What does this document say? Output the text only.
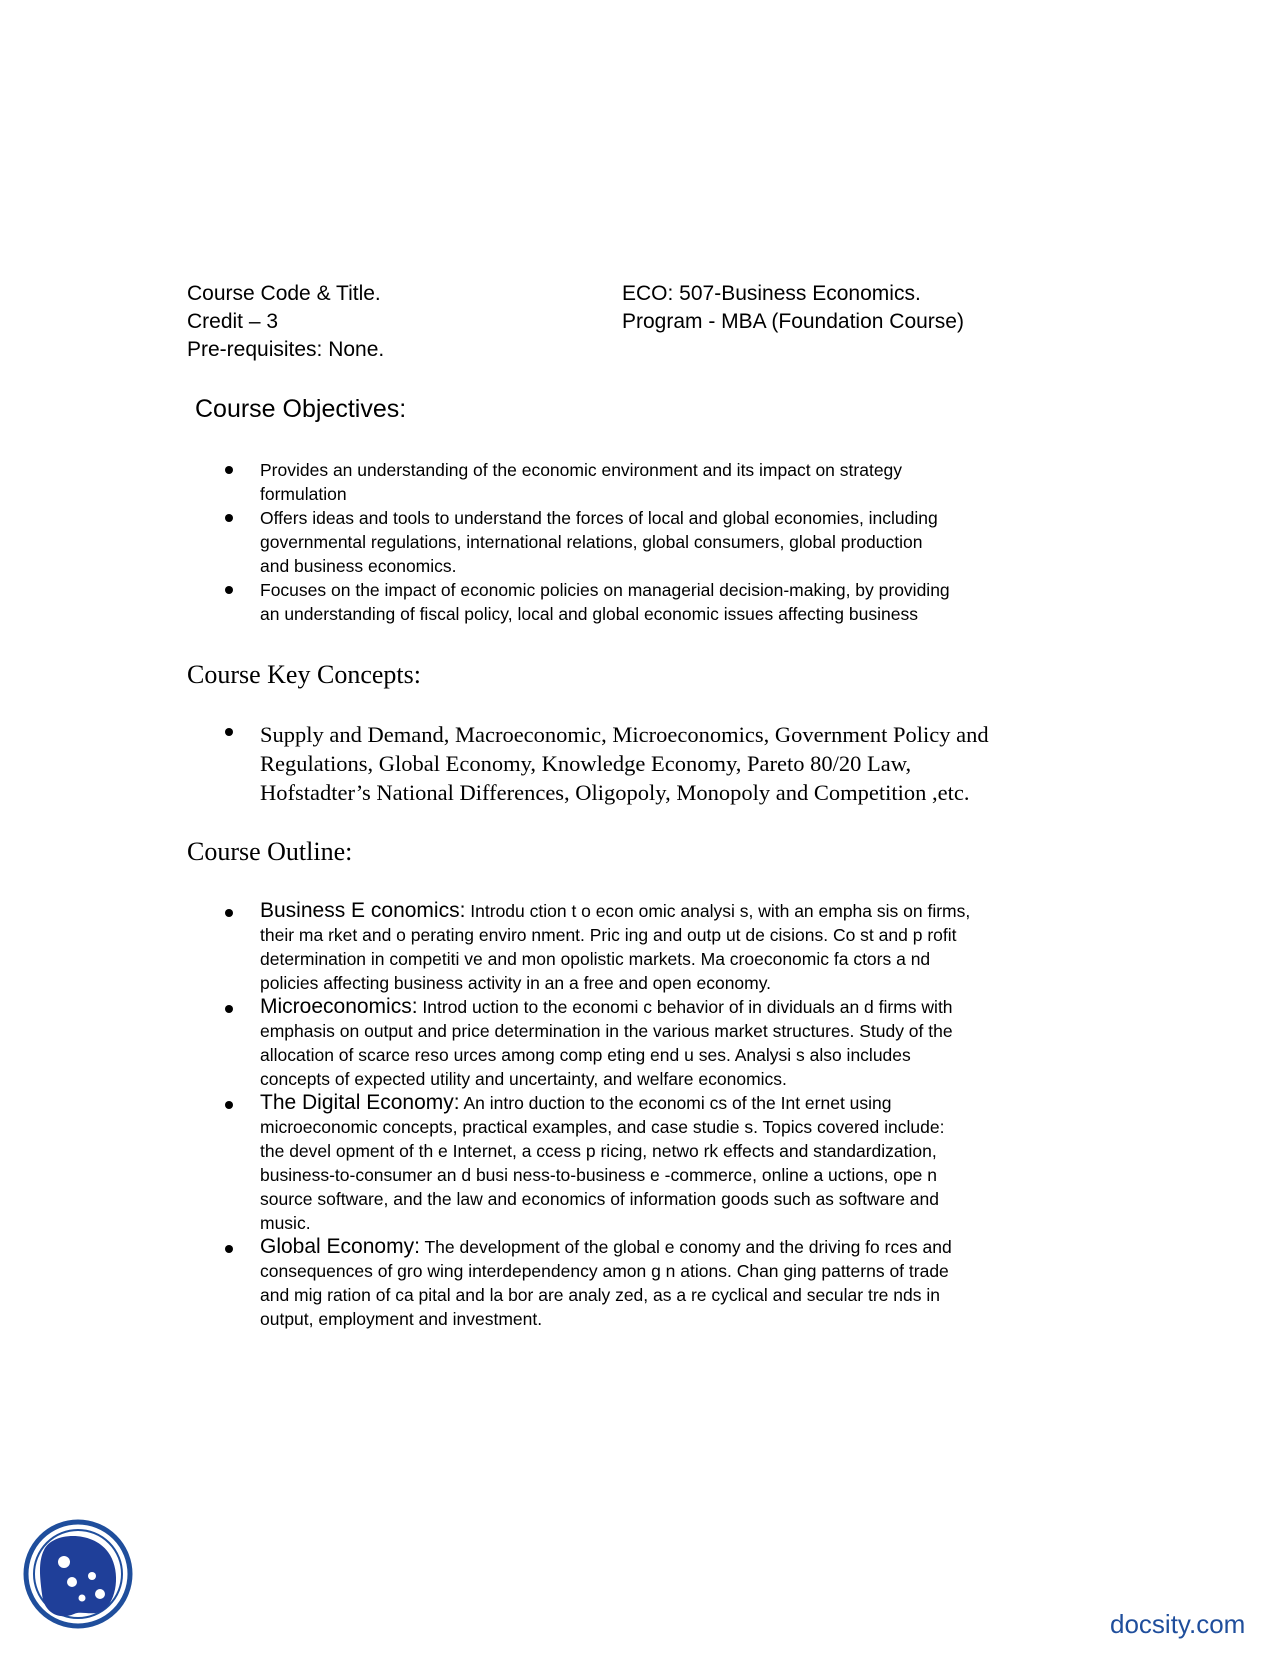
Course Code & Title.	ECO: 507-Business Economics.
Credit – 3	Program - MBA (Foundation Course)
Pre-requisites: None.
Course Objectives:
Provides an understanding of the economic environment and its impact on strategy
formulation
Offers ideas and tools to understand the forces of local and global economies, including
governmental regulations, international relations, global consumers, global production
and business economics.
Focuses on the impact of economic policies on managerial decision-making, by providing
an understanding of fiscal policy, local and global economic issues affecting business
Course Key Concepts:
Supply and Demand, Macroeconomic, Microeconomics, Government Policy and
Regulations, Global Economy, Knowledge Economy, Pareto 80/20 Law,
Hofstadter’s National Differences, Oligopoly, Monopoly and Competition ,etc.
Course Outline:
Business E conomics: Introdu ction t o econ omic analysi s, with an empha sis on firms,
their ma rket and o perating enviro nment. Pric ing and outp ut de cisions. Co st and p rofit
determination in competiti ve and mon opolistic markets. Ma croeconomic fa ctors a nd
policies affecting business activity in an a free and open economy.
Microeconomics: Introd uction to the economi c behavior of in dividuals an d firms with
emphasis on output and price determination in the various market structures. Study of the
allocation of scarce reso urces among comp eting end u ses. Analysi s also includes
concepts of expected utility and uncertainty, and welfare economics.
The Digital Economy: An intro duction to the economi cs of the Int ernet using
microeconomic concepts, practical examples, and case studie s. Topics covered include:
the devel opment of th e Internet, a ccess p ricing, netwo rk effects and standardization,
business-to-consumer an d busi ness-to-business e -commerce, online a uctions, ope n
source software, and the law and economics of information goods such as software and
music.
Global Economy: The development of the global e conomy and the driving fo rces and
consequences of gro wing interdependency amon g n ations. Chan ging patterns of trade
and mig ration of ca pital and la bor are analy zed, as a re cyclical and secular tre nds in
output, employment and investment.
docsity.com
